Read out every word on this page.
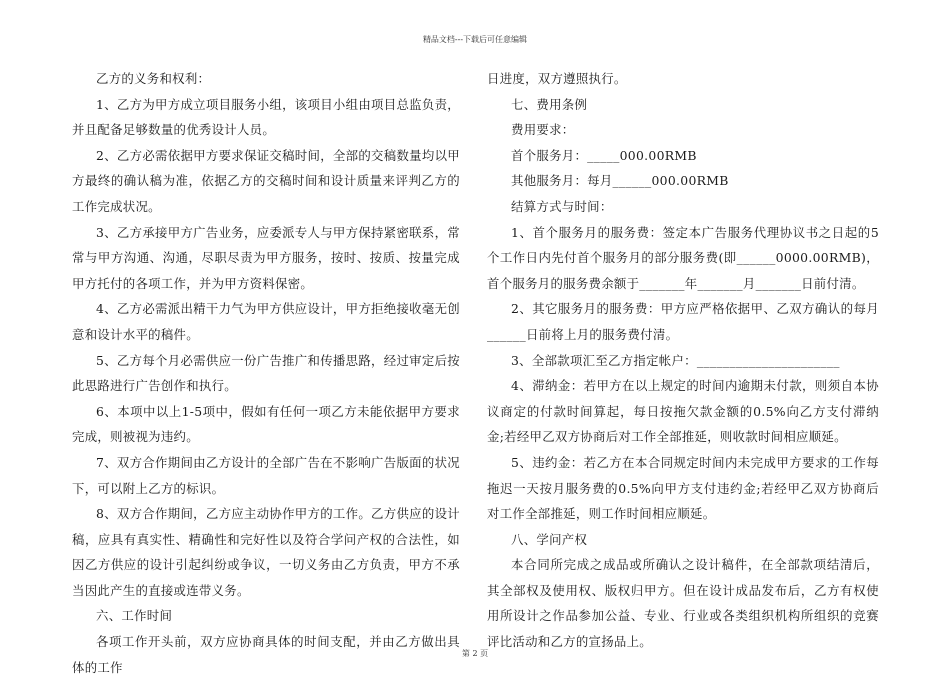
精品文档---下载后可任意编辑

乙方的义务和权利：

1、乙方为甲方成立项目服务小组，该项目小组由项目总监负责，并且配备足够数量的优秀设计人员。

2、乙方必需依据甲方要求保证交稿时间，全部的交稿数量均以甲方最终的确认稿为准，依据乙方的交稿时间和设计质量来评判乙方的工作完成状况。

3、乙方承接甲方广告业务，应委派专人与甲方保持紧密联系，常常与甲方沟通、沟通，尽职尽责为甲方服务，按时、按质、按量完成甲方托付的各项工作，并为甲方资料保密。

4、乙方必需派出精干力气为甲方供应设计，甲方拒绝接收毫无创意和设计水平的稿件。

5、乙方每个月必需供应一份广告推广和传播思路，经过审定后按此思路进行广告创作和执行。

6、本项中以上1-5项中，假如有任何一项乙方未能依据甲方要求完成，则被视为违约。

7、双方合作期间由乙方设计的全部广告在不影响广告版面的状况下，可以附上乙方的标识。

8、双方合作期间，乙方应主动协作甲方的工作。乙方供应的设计稿，应具有真实性、精确性和完好性以及符合学问产权的合法性，如因乙方供应的设计引起纠纷或争议，一切义务由乙方负责，甲方不承当因此产生的直接或连带义务。

六、工作时间

各项工作开头前，双方应协商具体的时间支配，并由乙方做出具体的工作

日进度，双方遵照执行。

七、费用条例

费用要求：

首个服务月：_____000.00RMB

其他服务月：每月______000.00RMB

结算方式与时间：

1、首个服务月的服务费：签定本广告服务代理协议书之日起的5个工作日内先付首个服务月的部分服务费(即______0000.00RMB)，首个服务月的服务费余额于_______年_______月_______日前付清。

2、其它服务月的服务费：甲方应严格依据甲、乙双方确认的每月______日前将上月的服务费付清。

3、全部款项汇至乙方指定帐户：______________________

4、滞纳金：若甲方在以上规定的时间内逾期未付款，则须自本协议商定的付款时间算起，每日按拖欠款金额的0.5%向乙方支付滞纳金;若经甲乙双方协商后对工作全部推延，则收款时间相应顺延。

5、违约金：若乙方在本合同规定时间内未完成甲方要求的工作每拖迟一天按月服务费的0.5%向甲方支付违约金;若经甲乙双方协商后对工作全部推延，则工作时间相应顺延。

八、学问产权

本合同所完成之成品或所确认之设计稿件，在全部款项结清后，其全部权及使用权、版权归甲方。但在设计成品发布后，乙方有权使用所设计之作品参加公益、专业、行业或各类组织机构所组织的竞赛评比活动和乙方的宣扬品上。

第 2 页
